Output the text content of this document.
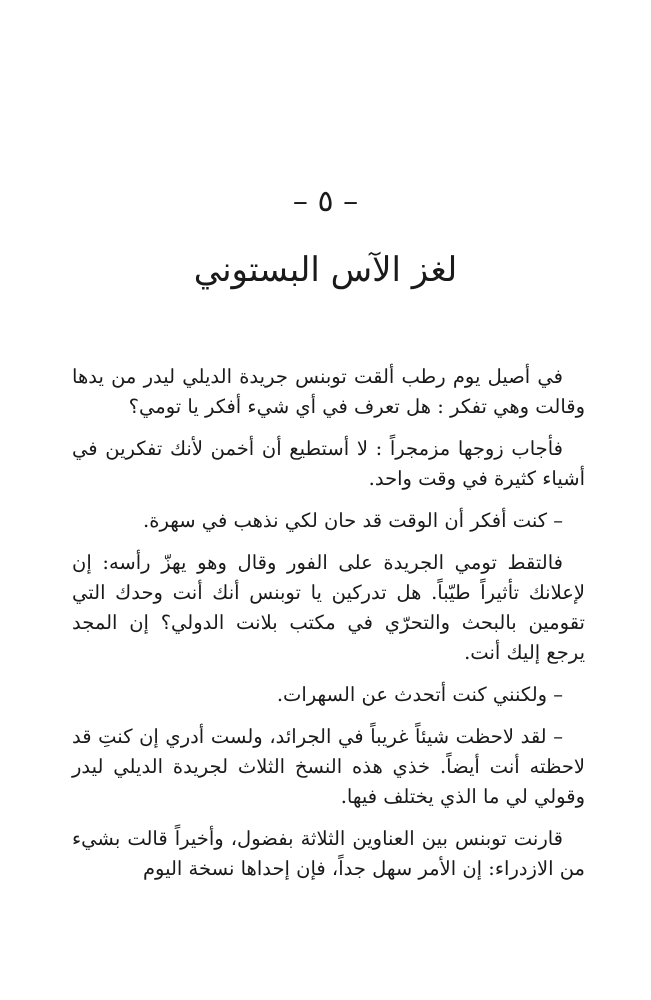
– ٥ –
لغز الآس البستوني

في أصيل يوم رطب ألقت توبنس جريدة الديلي ليدر من يدها وقالت وهي تفكر : هل تعرف في أي شيء أفكر يا تومي؟

فأجاب زوجها مزمجراً : لا أستطيع أن أخمن لأنك تفكرين في أشياء كثيرة في وقت واحد.

– كنت أفكر أن الوقت قد حان لكي نذهب في سهرة.

فالتقط تومي الجريدة على الفور وقال وهو يهزّ رأسه: إن لإعلانك تأثيراً طيّباً. هل تدركين يا توبنس أنك أنت وحدك التي تقومين بالبحث والتحرّي في مكتب بلانت الدولي؟ إن المجد يرجع إليك أنت.

– ولكنني كنت أتحدث عن السهرات.

– لقد لاحظت شيئاً غريباً في الجرائد، ولست أدري إن كنتِ قد لاحظته أنت أيضاً. خذي هذه النسخ الثلاث لجريدة الديلي ليدر وقولي لي ما الذي يختلف فيها.

قارنت توبنس بين العناوين الثلاثة بفضول، وأخيراً قالت بشيء من الازدراء: إن الأمر سهل جداً، فإن إحداها نسخة اليوم
